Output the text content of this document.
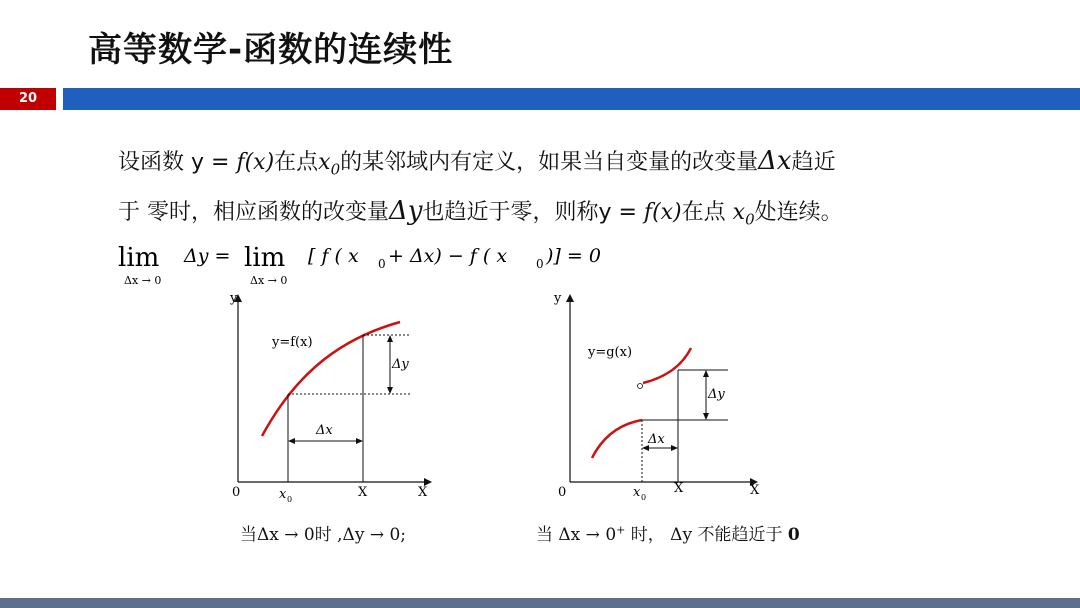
高等数学-函数的连续性
20
设函数 y = f(x)在点$x_0$的某邻域内有定义，如果当自变量的改变量Δx趋近
于 零时，相应函数的改变量Δy也趋近于零，则称y = f(x)在点 $x_0$处连续。
lim
Δx → 0
Δy = lim
Δx → 0
[ f ( x 0 + Δx) − f ( x 0 )] = 0
y
X
0
y=f(x)
Δy
Δx
x 0	X
y
X
0
y=g(x)
Δy
Δx
x 0
X
当Δx → 0时 ,Δy → 0;	当 Δx → 0+ 时， Δy 不能趋近于 0
